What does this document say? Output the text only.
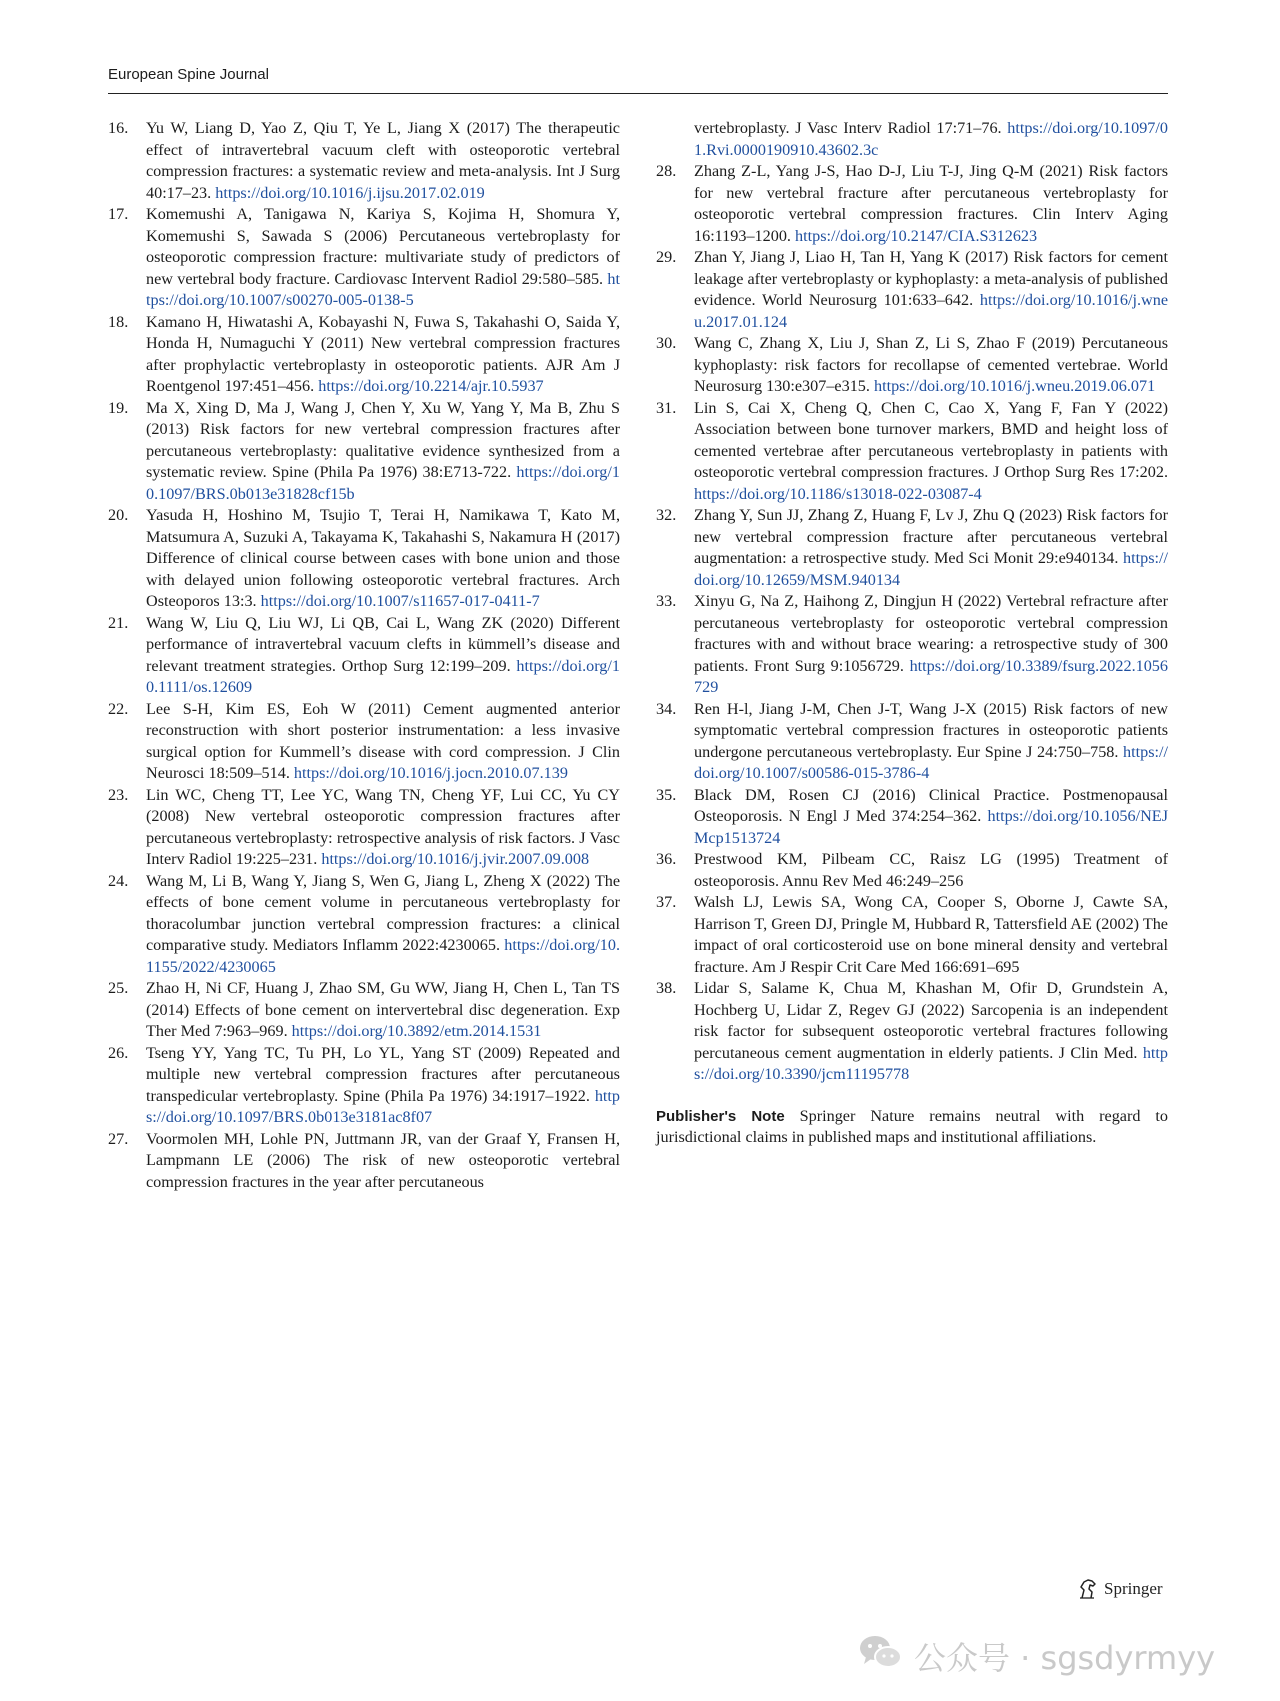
European Spine Journal
16.	Yu W, Liang D, Yao Z, Qiu T, Ye L, Jiang X (2017) The therapeutic effect of intravertebral vacuum cleft with osteoporotic vertebral compression fractures: a systematic review and meta-analysis. Int J Surg 40:17–23. https://doi.org/10.1016/j.ijsu.2017.02.019
17.	Komemushi A, Tanigawa N, Kariya S, Kojima H, Shomura Y, Komemushi S, Sawada S (2006) Percutaneous vertebroplasty for osteoporotic compression fracture: multivariate study of predictors of new vertebral body fracture. Cardiovasc Intervent Radiol 29:580–585. https://doi.org/10.1007/s00270-005-0138-5
18.	Kamano H, Hiwatashi A, Kobayashi N, Fuwa S, Takahashi O, Saida Y, Honda H, Numaguchi Y (2011) New vertebral compression fractures after prophylactic vertebroplasty in osteoporotic patients. AJR Am J Roentgenol 197:451–456. https://doi.org/10.2214/ajr.10.5937
19.	Ma X, Xing D, Ma J, Wang J, Chen Y, Xu W, Yang Y, Ma B, Zhu S (2013) Risk factors for new vertebral compression fractures after percutaneous vertebroplasty: qualitative evidence synthesized from a systematic review. Spine (Phila Pa 1976) 38:E713-722. https://doi.org/10.1097/BRS.0b013e31828cf15b
20.	Yasuda H, Hoshino M, Tsujio T, Terai H, Namikawa T, Kato M, Matsumura A, Suzuki A, Takayama K, Takahashi S, Nakamura H (2017) Difference of clinical course between cases with bone union and those with delayed union following osteoporotic vertebral fractures. Arch Osteoporos 13:3. https://doi.org/10.1007/s11657-017-0411-7
21.	Wang W, Liu Q, Liu WJ, Li QB, Cai L, Wang ZK (2020) Different performance of intravertebral vacuum clefts in kümmell’s disease and relevant treatment strategies. Orthop Surg 12:199–209. https://doi.org/10.1111/os.12609
22.	Lee S-H, Kim ES, Eoh W (2011) Cement augmented anterior reconstruction with short posterior instrumentation: a less invasive surgical option for Kummell’s disease with cord compression. J Clin Neurosci 18:509–514. https://doi.org/10.1016/j.jocn.2010.07.139
23.	Lin WC, Cheng TT, Lee YC, Wang TN, Cheng YF, Lui CC, Yu CY (2008) New vertebral osteoporotic compression fractures after percutaneous vertebroplasty: retrospective analysis of risk factors. J Vasc Interv Radiol 19:225–231. https://doi.org/10.1016/j.jvir.2007.09.008
24.	Wang M, Li B, Wang Y, Jiang S, Wen G, Jiang L, Zheng X (2022) The effects of bone cement volume in percutaneous vertebroplasty for thoracolumbar junction vertebral compression fractures: a clinical comparative study. Mediators Inflamm 2022:4230065. https://doi.org/10.1155/2022/4230065
25.	Zhao H, Ni CF, Huang J, Zhao SM, Gu WW, Jiang H, Chen L, Tan TS (2014) Effects of bone cement on intervertebral disc degeneration. Exp Ther Med 7:963–969. https://doi.org/10.3892/etm.2014.1531
26.	Tseng YY, Yang TC, Tu PH, Lo YL, Yang ST (2009) Repeated and multiple new vertebral compression fractures after percutaneous transpedicular vertebroplasty. Spine (Phila Pa 1976) 34:1917–1922. https://doi.org/10.1097/BRS.0b013e3181ac8f07
27.	Voormolen MH, Lohle PN, Juttmann JR, van der Graaf Y, Fransen H, Lampmann LE (2006) The risk of new osteoporotic vertebral compression fractures in the year after percutaneous
vertebroplasty. J Vasc Interv Radiol 17:71–76. https://doi.org/10.1097/01.Rvi.0000190910.43602.3c
28.	Zhang Z-L, Yang J-S, Hao D-J, Liu T-J, Jing Q-M (2021) Risk factors for new vertebral fracture after percutaneous vertebroplasty for osteoporotic vertebral compression fractures. Clin Interv Aging 16:1193–1200. https://doi.org/10.2147/CIA.S312623
29.	Zhan Y, Jiang J, Liao H, Tan H, Yang K (2017) Risk factors for cement leakage after vertebroplasty or kyphoplasty: a meta-analysis of published evidence. World Neurosurg 101:633–642. https://doi.org/10.1016/j.wneu.2017.01.124
30.	Wang C, Zhang X, Liu J, Shan Z, Li S, Zhao F (2019) Percutaneous kyphoplasty: risk factors for recollapse of cemented vertebrae. World Neurosurg 130:e307–e315. https://doi.org/10.1016/j.wneu.2019.06.071
31.	Lin S, Cai X, Cheng Q, Chen C, Cao X, Yang F, Fan Y (2022) Association between bone turnover markers, BMD and height loss of cemented vertebrae after percutaneous vertebroplasty in patients with osteoporotic vertebral compression fractures. J Orthop Surg Res 17:202. https://doi.org/10.1186/s13018-022-03087-4
32.	Zhang Y, Sun JJ, Zhang Z, Huang F, Lv J, Zhu Q (2023) Risk factors for new vertebral compression fracture after percutaneous vertebral augmentation: a retrospective study. Med Sci Monit 29:e940134. https://doi.org/10.12659/MSM.940134
33.	Xinyu G, Na Z, Haihong Z, Dingjun H (2022) Vertebral refracture after percutaneous vertebroplasty for osteoporotic vertebral compression fractures with and without brace wearing: a retrospective study of 300 patients. Front Surg 9:1056729. https://doi.org/10.3389/fsurg.2022.1056729
34.	Ren H-l, Jiang J-M, Chen J-T, Wang J-X (2015) Risk factors of new symptomatic vertebral compression fractures in osteoporotic patients undergone percutaneous vertebroplasty. Eur Spine J 24:750–758. https://doi.org/10.1007/s00586-015-3786-4
35.	Black DM, Rosen CJ (2016) Clinical Practice. Postmenopausal Osteoporosis. N Engl J Med 374:254–362. https://doi.org/10.1056/NEJMcp1513724
36.	Prestwood KM, Pilbeam CC, Raisz LG (1995) Treatment of osteoporosis. Annu Rev Med 46:249–256
37.	Walsh LJ, Lewis SA, Wong CA, Cooper S, Oborne J, Cawte SA, Harrison T, Green DJ, Pringle M, Hubbard R, Tattersfield AE (2002) The impact of oral corticosteroid use on bone mineral density and vertebral fracture. Am J Respir Crit Care Med 166:691–695
38.	Lidar S, Salame K, Chua M, Khashan M, Ofir D, Grundstein A, Hochberg U, Lidar Z, Regev GJ (2022) Sarcopenia is an independent risk factor for subsequent osteoporotic vertebral fractures following percutaneous cement augmentation in elderly patients. J Clin Med. https://doi.org/10.3390/jcm11195778
Publisher's Note Springer Nature remains neutral with regard to jurisdictional claims in published maps and institutional affiliations.
Springer
公众号 · sgsdyrmyy
